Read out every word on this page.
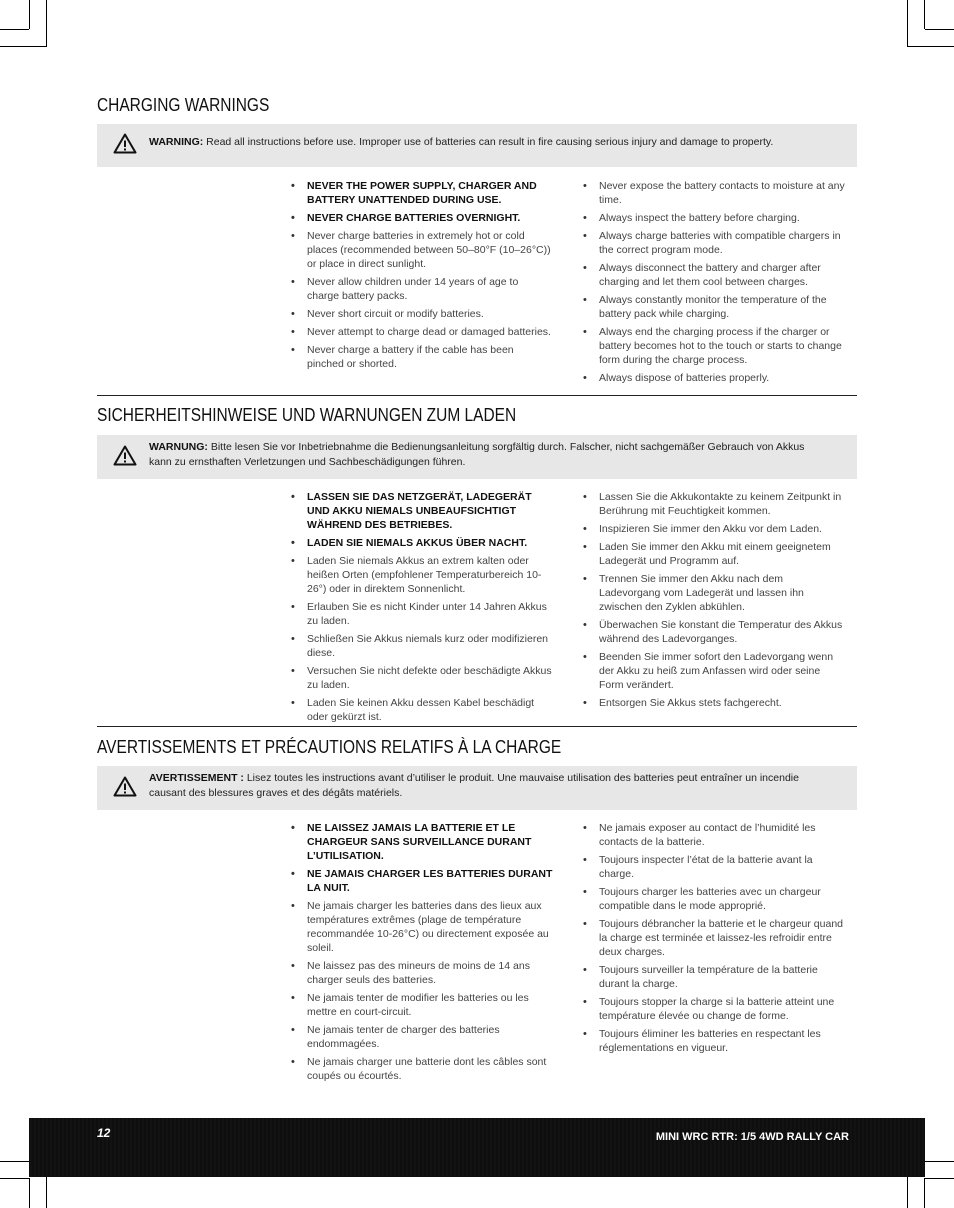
CHARGING WARNINGS
WARNING: Read all instructions before use. Improper use of batteries can result in fire causing serious injury and damage to property.
• NEVER THE POWER SUPPLY, CHARGER AND BATTERY UNATTENDED DURING USE.
• NEVER CHARGE BATTERIES OVERNIGHT.
• Never charge batteries in extremely hot or cold places (recommended between 50–80°F (10–26°C)) or place in direct sunlight.
• Never allow children under 14 years of age to charge battery packs.
• Never short circuit or modify batteries.
• Never attempt to charge dead or damaged batteries.
• Never charge a battery if the cable has been pinched or shorted.
• Never expose the battery contacts to moisture at any time.
• Always inspect the battery before charging.
• Always charge batteries with compatible chargers in the correct program mode.
• Always disconnect the battery and charger after charging and let them cool between charges.
• Always constantly monitor the temperature of the battery pack while charging.
• Always end the charging process if the charger or battery becomes hot to the touch or starts to change form during the charge process.
• Always dispose of batteries properly.
SICHERHEITSHINWEISE UND WARNUNGEN ZUM LADEN
WARNUNG: Bitte lesen Sie vor Inbetriebnahme die Bedienungsanleitung sorgfältig durch. Falscher, nicht sachgemäßer Gebrauch von Akkus kann zu ernsthaften Verletzungen und Sachbeschädigungen führen.
• LASSEN SIE DAS NETZGERÄT, LADEGERÄT UND AKKU NIEMALS UNBEAUFSICHTIGT WÄHREND DES BETRIEBES.
• LADEN SIE NIEMALS AKKUS ÜBER NACHT.
• Laden Sie niemals Akkus an extrem kalten oder heißen Orten (empfohlener Temperaturbereich 10- 26°) oder in direktem Sonnenlicht.
• Erlauben Sie es nicht Kinder unter 14 Jahren Akkus zu laden.
• Schließen Sie Akkus niemals kurz oder modifizieren diese.
• Versuchen Sie nicht defekte oder beschädigte Akkus zu laden.
• Laden Sie keinen Akku dessen Kabel beschädigt oder gekürzt ist.
• Lassen Sie die Akkukontakte zu keinem Zeitpunkt in Berührung mit Feuchtigkeit kommen.
• Inspizieren Sie immer den Akku vor dem Laden.
• Laden Sie immer den Akku mit einem geeignetem Ladegerät und Programm auf.
• Trennen Sie immer den Akku nach dem Ladevorgang vom Ladegerät und lassen ihn zwischen den Zyklen abkühlen.
• Überwachen Sie konstant die Temperatur des Akkus während des Ladevorganges.
• Beenden Sie immer sofort den Ladevorgang wenn der Akku zu heiß zum Anfassen wird oder seine Form verändert.
• Entsorgen Sie Akkus stets fachgerecht.
AVERTISSEMENTS ET PRÉCAUTIONS RELATIFS À LA CHARGE
AVERTISSEMENT : Lisez toutes les instructions avant d’utiliser le produit. Une mauvaise utilisation des batteries peut entraîner un incendie causant des blessures graves et des dégâts matériels.
• NE LAISSEZ JAMAIS LA BATTERIE ET LE CHARGEUR SANS SURVEILLANCE DURANT L’UTILISATION.
• NE JAMAIS CHARGER LES BATTERIES DURANT LA NUIT.
• Ne jamais charger les batteries dans des lieux aux températures extrêmes (plage de température recommandée 10-26°C) ou directement exposée au soleil.
• Ne laissez pas des mineurs de moins de 14 ans charger seuls des batteries.
• Ne jamais tenter de modifier les batteries ou les mettre en court-circuit.
• Ne jamais tenter de charger des batteries endommagées.
• Ne jamais charger une batterie dont les câbles sont coupés ou écourtés.
• Ne jamais exposer au contact de l’humidité les contacts de la batterie.
• Toujours inspecter l’état de la batterie avant la charge.
• Toujours charger les batteries avec un chargeur compatible dans le mode approprié.
• Toujours débrancher la batterie et le chargeur quand la charge est terminée et laissez-les refroidir entre deux charges.
• Toujours surveiller la température de la batterie durant la charge.
• Toujours stopper la charge si la batterie atteint une température élevée ou change de forme.
• Toujours éliminer les batteries en respectant les réglementations en vigueur.
12	MINI WRC RTR: 1/5 4WD RALLY CAR
